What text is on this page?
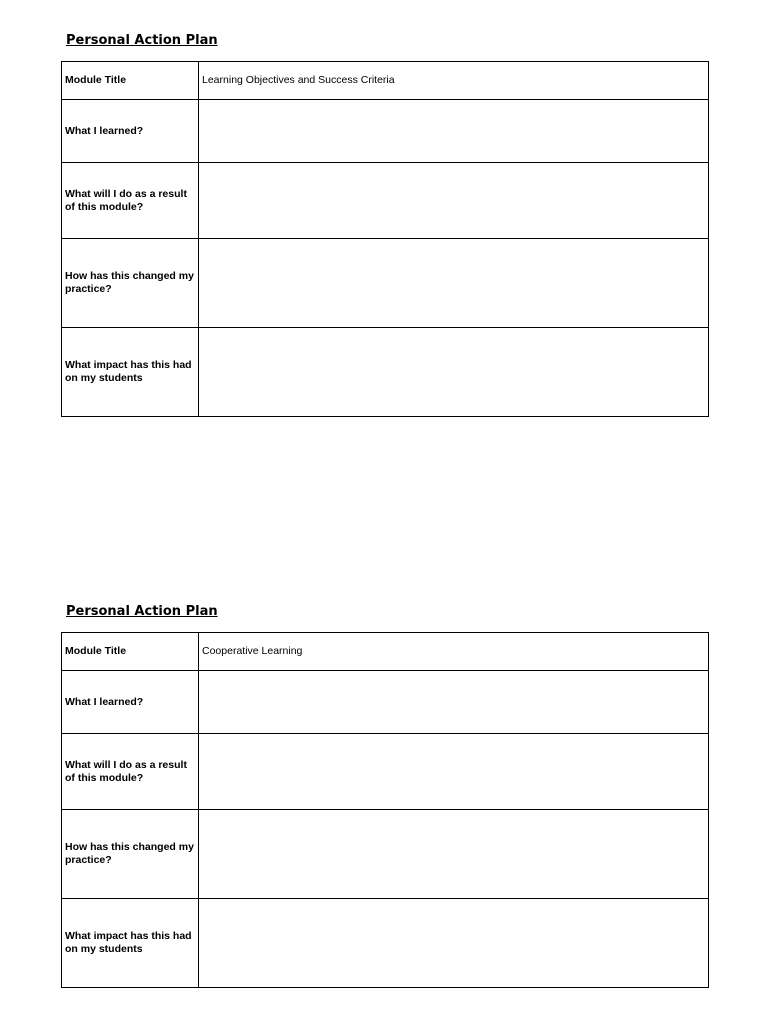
Personal Action Plan
Module Title	Learning Objectives and Success Criteria

What I learned?	

What will I do as a result of this module?	

How has this changed my practice?	

What impact has this had on my students	

Personal Action Plan
Module Title	Cooperative Learning

What I learned?	

What will I do as a result of this module?	

How has this changed my practice?	

What impact has this had on my students	
